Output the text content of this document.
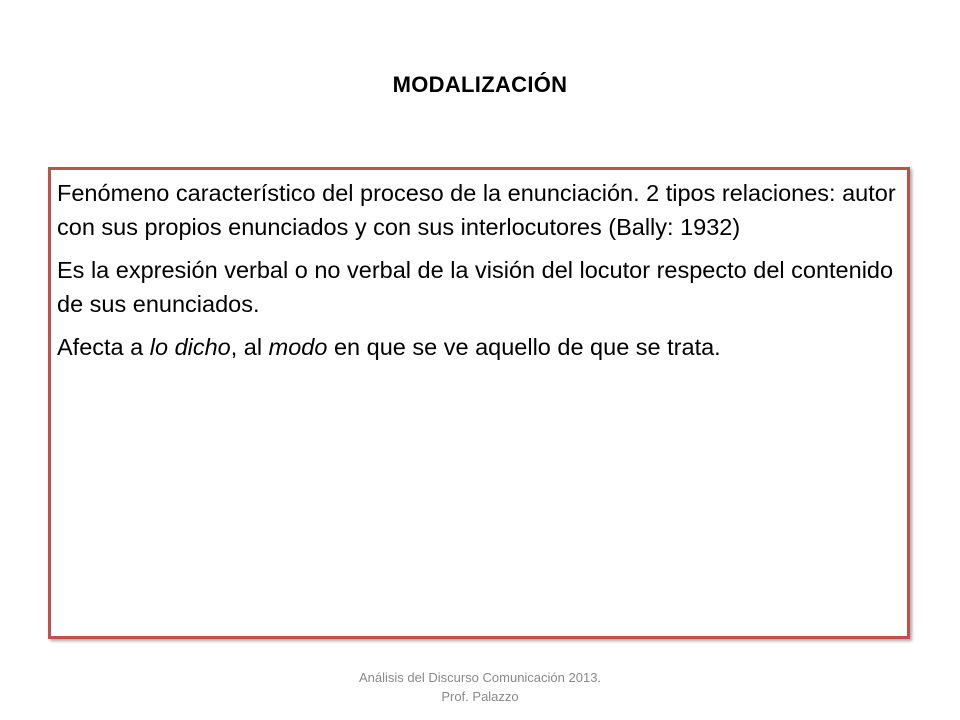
MODALIZACIÓN

Fenómeno característico del proceso de la enunciación. 2 tipos relaciones: autor con sus propios enunciados y con sus interlocutores (Bally: 1932)

Es la expresión verbal o no verbal de la visión del locutor respecto del contenido de sus enunciados.

Afecta a lo dicho, al modo en que se ve aquello de que se trata.

Análisis del Discurso Comunicación 2013.
Prof. Palazzo
